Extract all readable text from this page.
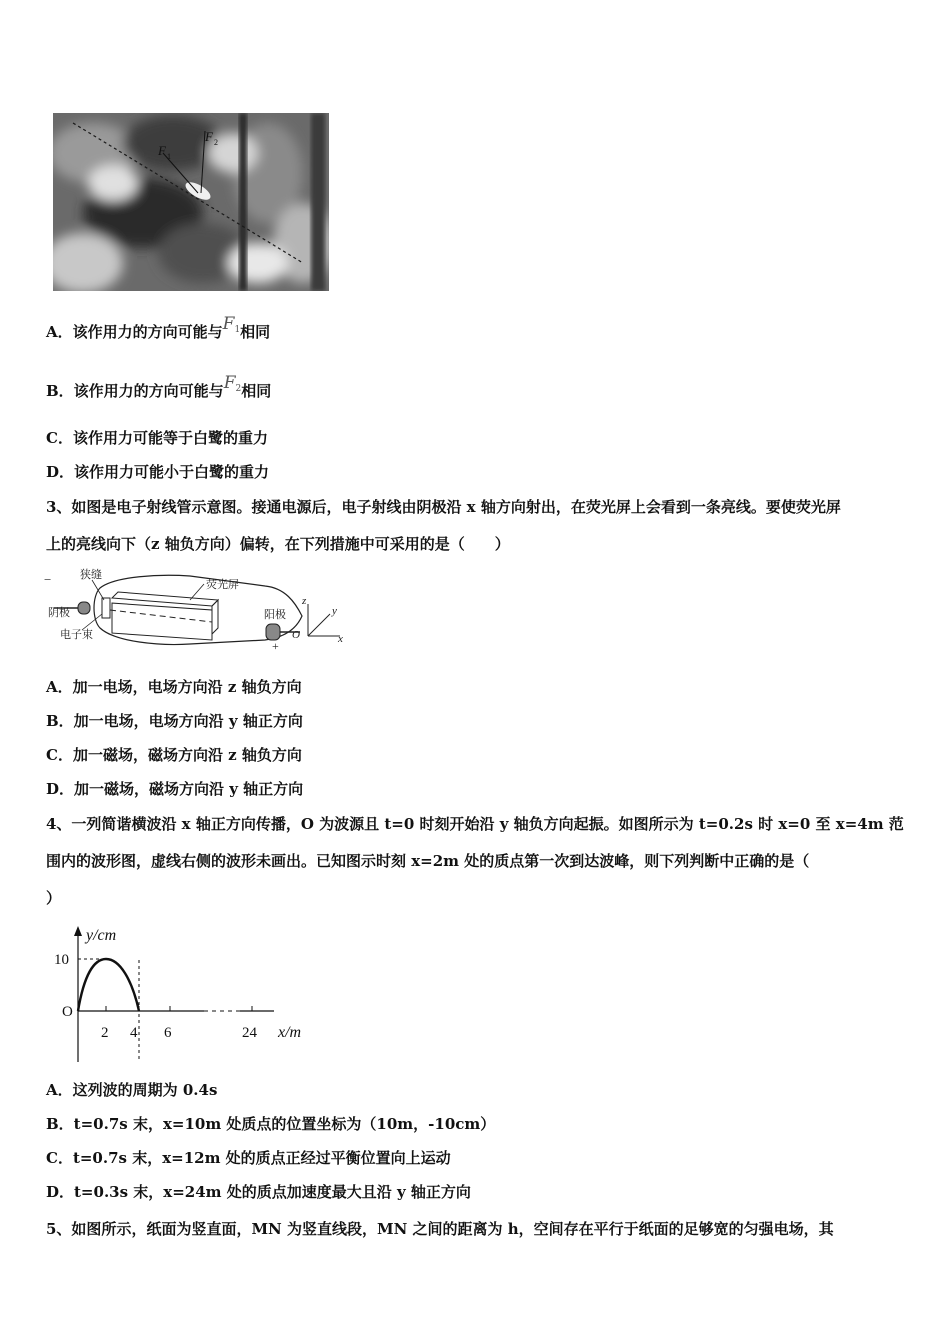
F 1
F 2
A．该作用力的方向可能与F1相同
B．该作用力的方向可能与F2相同
C．该作用力可能等于白鹭的重力
D．该作用力可能小于白鹭的重力
3、如图是电子射线管示意图。接通电源后，电子射线由阴极沿 x 轴方向射出，在荧光屏上会看到一条亮线。要使荧光屏
上的亮线向下（z 轴负方向）偏转，在下列措施中可采用的是（　　）
−	狭缝
荧光屏
阴极
电子束
阳极
+
z
y
x
O
A．加一电场，电场方向沿 z 轴负方向
B．加一电场，电场方向沿 y 轴正方向
C．加一磁场，磁场方向沿 z 轴负方向
D．加一磁场，磁场方向沿 y 轴正方向
4、一列简谐横波沿 x 轴正方向传播，O 为波源且 t=0 时刻开始沿 y 轴负方向起振。如图所示为 t=0.2s 时 x=0 至 x=4m 范
围内的波形图，虚线右侧的波形未画出。已知图示时刻 x=2m 处的质点第一次到达波峰，则下列判断中正确的是（
）
y/cm
10
O
2 4 6	24 x/m
A．这列波的周期为 0.4s
B．t=0.7s 末，x=10m 处质点的位置坐标为（10m，-10cm）
C．t=0.7s 末，x=12m 处的质点正经过平衡位置向上运动
D．t=0.3s 末，x=24m 处的质点加速度最大且沿 y 轴正方向
5、如图所示，纸面为竖直面，MN 为竖直线段，MN 之间的距离为 h，空间存在平行于纸面的足够宽的匀强电场，其
